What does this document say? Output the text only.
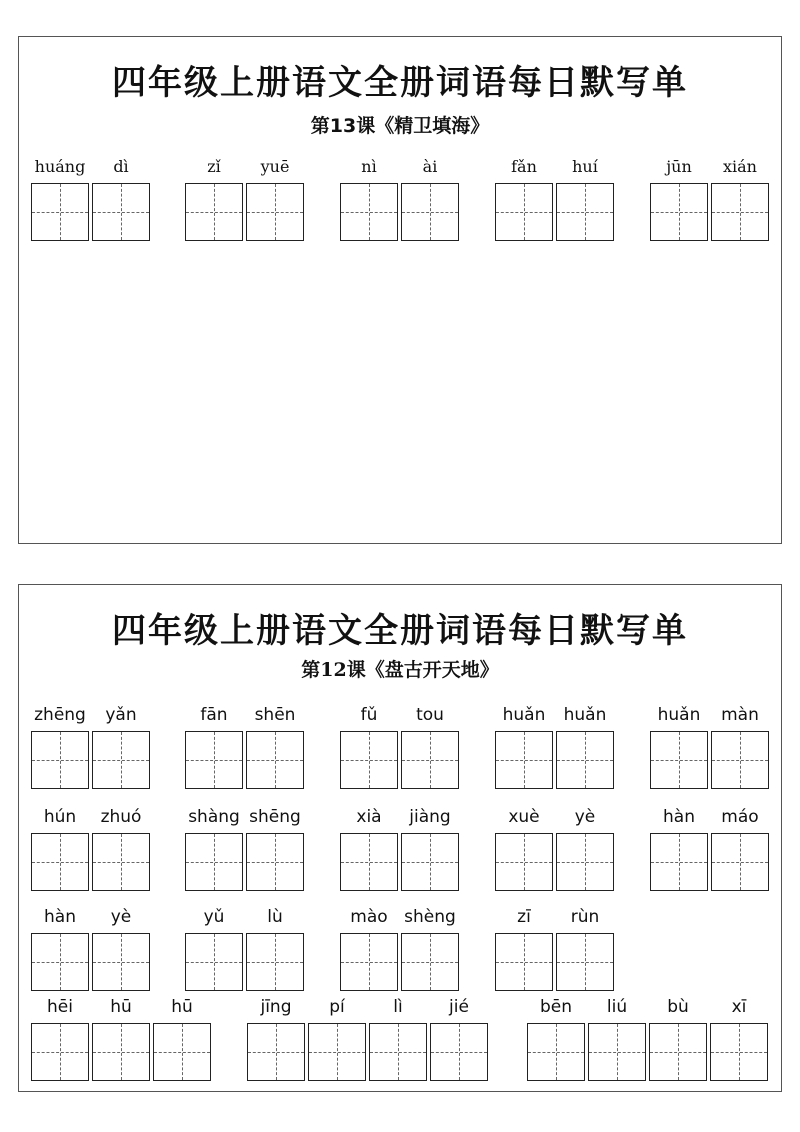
四年级上册语文全册词语每日默写单
第13课《精卫填海》
huáng	dì	zǐ	yuē	nì	ài	fǎn	huí	jūn	xián
四年级上册语文全册词语每日默写单
第12课《盘古开天地》
zhēng	yǎn	fān	shēn	fǔ	tou	huǎn	huǎn	huǎn	màn
hún	zhuó	shàng shēng	xià	jiàng	xuè	yè	hàn	máo
hàn	yè	yǔ	lù	mào shèng	zī	rùn
hēi	hū	hū	jīng	pí	lì	jié	bēn	liú	bù	xī
